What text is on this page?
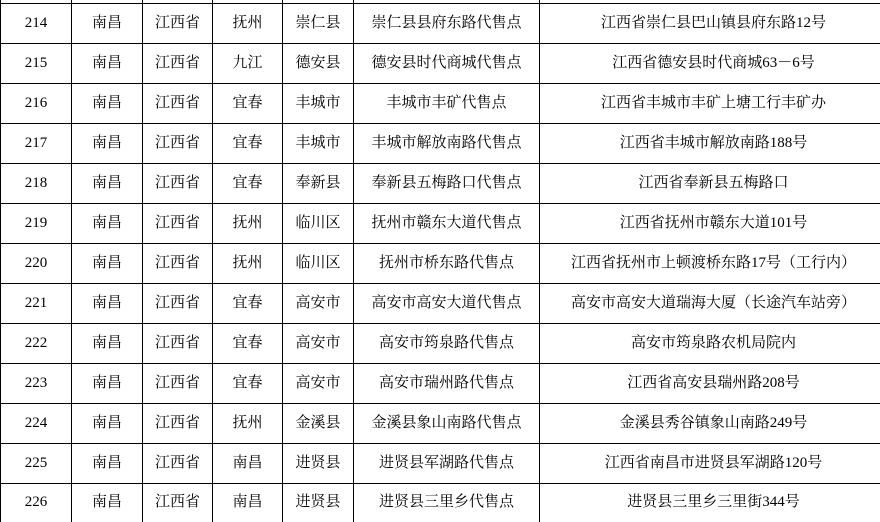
214	南昌	江西省	抚州	崇仁县	崇仁县县府东路代售点	江西省崇仁县巴山镇县府东路12号
215	南昌	江西省	九江	德安县	德安县时代商城代售点	江西省德安县时代商城63－6号
216	南昌	江西省	宜春	丰城市	丰城市丰矿代售点	江西省丰城市丰矿上塘工行丰矿办
217	南昌	江西省	宜春	丰城市	丰城市解放南路代售点	江西省丰城市解放南路188号
218	南昌	江西省	宜春	奉新县	奉新县五梅路口代售点	江西省奉新县五梅路口
219	南昌	江西省	抚州	临川区	抚州市赣东大道代售点	江西省抚州市赣东大道101号
220	南昌	江西省	抚州	临川区	抚州市桥东路代售点	江西省抚州市上顿渡桥东路17号（工行内）
221	南昌	江西省	宜春	高安市	高安市高安大道代售点	高安市高安大道瑞海大厦（长途汽车站旁）
222	南昌	江西省	宜春	高安市	高安市筠泉路代售点	高安市筠泉路农机局院内
223	南昌	江西省	宜春	高安市	高安市瑞州路代售点	江西省高安县瑞州路208号
224	南昌	江西省	抚州	金溪县	金溪县象山南路代售点	金溪县秀谷镇象山南路249号
225	南昌	江西省	南昌	进贤县	进贤县军湖路代售点	江西省南昌市进贤县军湖路120号
226	南昌	江西省	南昌	进贤县	进贤县三里乡代售点	进贤县三里乡三里街344号
